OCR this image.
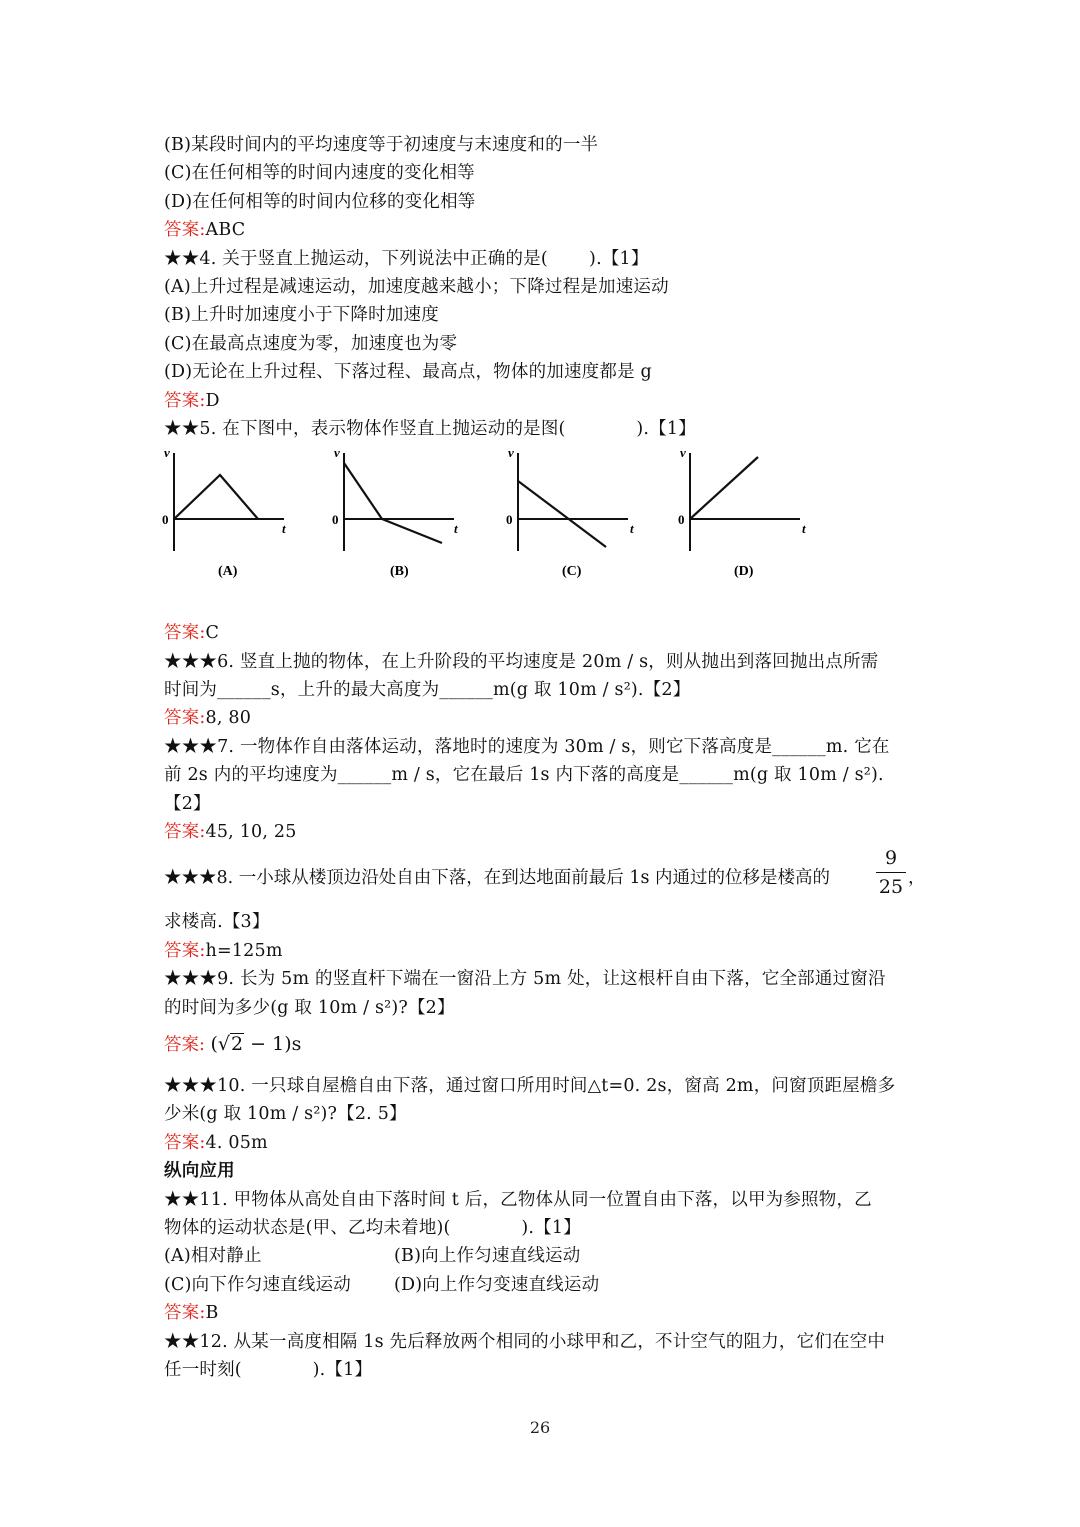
(B)某段时间内的平均速度等于初速度与末速度和的一半
(C)在任何相等的时间内速度的变化相等
(D)在任何相等的时间内位移的变化相等
答案:ABC
★★4. 关于竖直上抛运动，下列说法中正确的是(　　 ).【1】
(A)上升过程是减速运动，加速度越来越小；下降过程是加速运动
(B)上升时加速度小于下降时加速度
(C)在最高点速度为零，加速度也为零
(D)无论在上升过程、下落过程、最高点，物体的加速度都是 g
答案:D
★★5. 在下图中，表示物体作竖直上抛运动的是图(　　　　).【1】
v
0
t
(A)
v
0
t
(B)
v
0
t
(C)
v
0
t
(D)
答案:C
★★★6. 竖直上抛的物体，在上升阶段的平均速度是 20m / s，则从抛出到落回抛出点所需
时间为______s，上升的最大高度为______m(g 取 10m / s²).【2】
答案:8, 80
★★★7. 一物体作自由落体运动，落地时的速度为 30m / s，则它下落高度是______m. 它在
前 2s 内的平均速度为______m / s，它在最后 1s 内下落的高度是______m(g 取 10m / s²).
【2】
答案:45, 10, 25
★★★8. 一小球从楼顶边沿处自由下落，在到达地面前最后 1s 内通过的位移是楼高的
9
25 ，
求楼高.【3】
答案:h=125m
★★★9. 长为 5m 的竖直杆下端在一窗沿上方 5m 处，让这根杆自由下落，它全部通过窗沿
的时间为多少(g 取 10m / s²)?【2】
答案: (√2 − 1)s
★★★10. 一只球自屋檐自由下落，通过窗口所用时间△t=0. 2s，窗高 2m，问窗顶距屋檐多
少米(g 取 10m / s²)?【2. 5】
答案:4. 05m
纵向应用
★★11. 甲物体从高处自由下落时间 t 后，乙物体从同一位置自由下落，以甲为参照物，乙
物体的运动状态是(甲、乙均未着地)(　　　　).【1】
(A)相对静止	(B)向上作匀速直线运动
(C)向下作匀速直线运动 (D)向上作匀变速直线运动
答案:B
★★12. 从某一高度相隔 1s 先后释放两个相同的小球甲和乙，不计空气的阻力，它们在空中
任一时刻(　　　　).【1】
26
